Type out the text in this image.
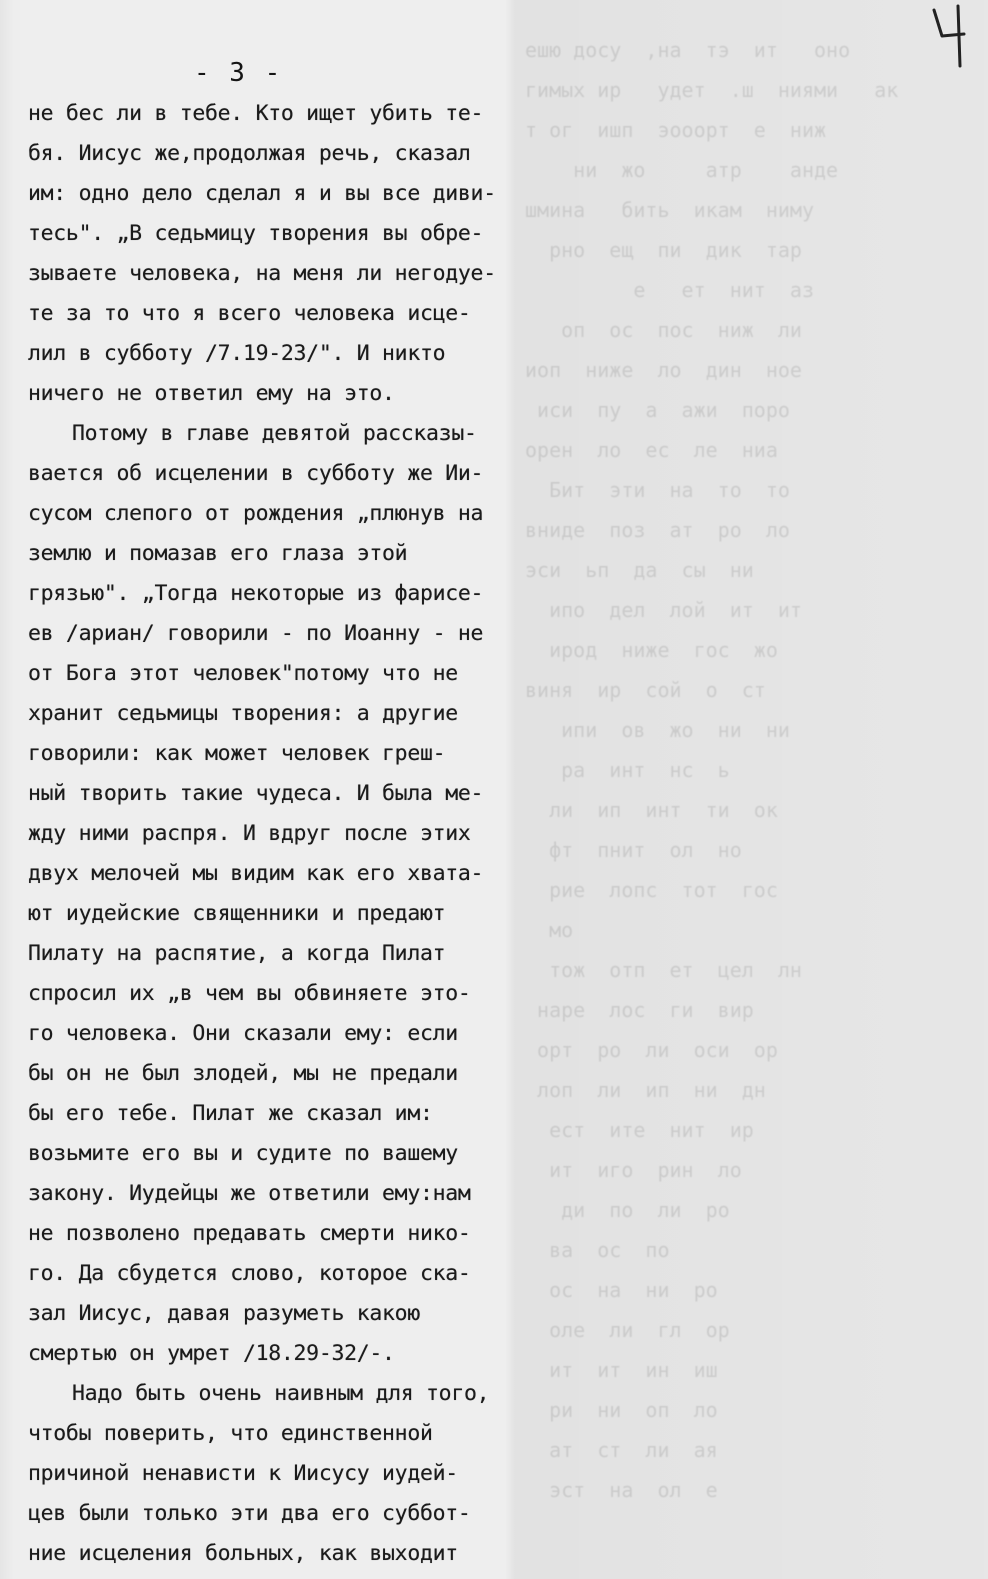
ешю досу  ,на  тэ  ит   оно
гимых ир   удет  .ш  ниями   ак
т ог  ишп  эооорт  е  ниж
ни  жо     атр    анде
шмина   бить  икам  ниму
рно  ещ  пи  дик  тар
е   ет  нит  аз
оп  ос  пос  ниж  ли
иоп  ниже  ло  дин  ное
иси  пу  а  ажи  поро
орен  ло  ес  ле  ниа
Бит  эти  на  то  то
вниде  поз  ат  ро  ло
эси  ьп  да  сы  ни
ипо  дел  лой  ит  ит
ирод  ниже  гос  жо
виня  ир  сой  о  ст
ипи  ов  жо  ни  ни
ра  инт  нс  ь
ли  ип  инт  ти  ок
фт  пнит  ол  но
рие  лопс  тот  гос
мо
тож  отп  ет  цел  лн
наре  лос  ги  вир
орт  ро  ли  оси  ор
лоп  ли  ип  ни  дн
ест  ите  нит  ир
ит  иго  рин  ло
ди  по  ли  ро
ва  ос  по
ос  на  ни  ро
оле  ли  гл  ор
ит  ит  ин  иш
ри  ни  оп  ло
ат  ст  ли  ая
эст  на  ол  е
- 3 -
не бес ли в тебе. Кто ищет убить те-
бя. Иисус же,продолжая речь, сказал
им: одно дело сделал я и вы все диви-
тесь". „В седьмицу творения вы обре-
зываете человека, на меня ли негодуе-
те за то что я всего человека исце-
лил в субботу /7.19-23/". И никто
ничего не ответил ему на это.
Потому в главе девятой рассказы-
вается об исцелении в субботу же Ии-
сусом слепого от рождения „плюнув на
землю и помазав его глаза этой
грязью". „Тогда некоторые из фарисе-
ев /ариан/ говорили - по Иоанну - не
от Бога этот человек"потому что не
хранит седьмицы творения: а другие
говорили: как может человек греш-
ный творить такие чудеса. И была ме-
жду ними распря. И вдруг после этих
двух мелочей мы видим как его хвата-
ют иудейские священники и предают
Пилату на распятие, а когда Пилат
спросил их „в чем вы обвиняете это-
го человека. Они сказали ему: если
бы он не был злодей, мы не предали
бы его тебе. Пилат же сказал им:
возьмите его вы и судите по вашему
закону. Иудейцы же ответили ему:нам
не позволено предавать смерти нико-
го. Да сбудется слово, которое ска-
зал Иисус, давая разуметь какою
смертью он умрет /18.29-32/-.
Надо быть очень наивным для того,
чтобы поверить, что единственной
причиной ненависти к Иисусу иудей-
цев были только эти два его суббот-
ние исцеления больных, как выходит
